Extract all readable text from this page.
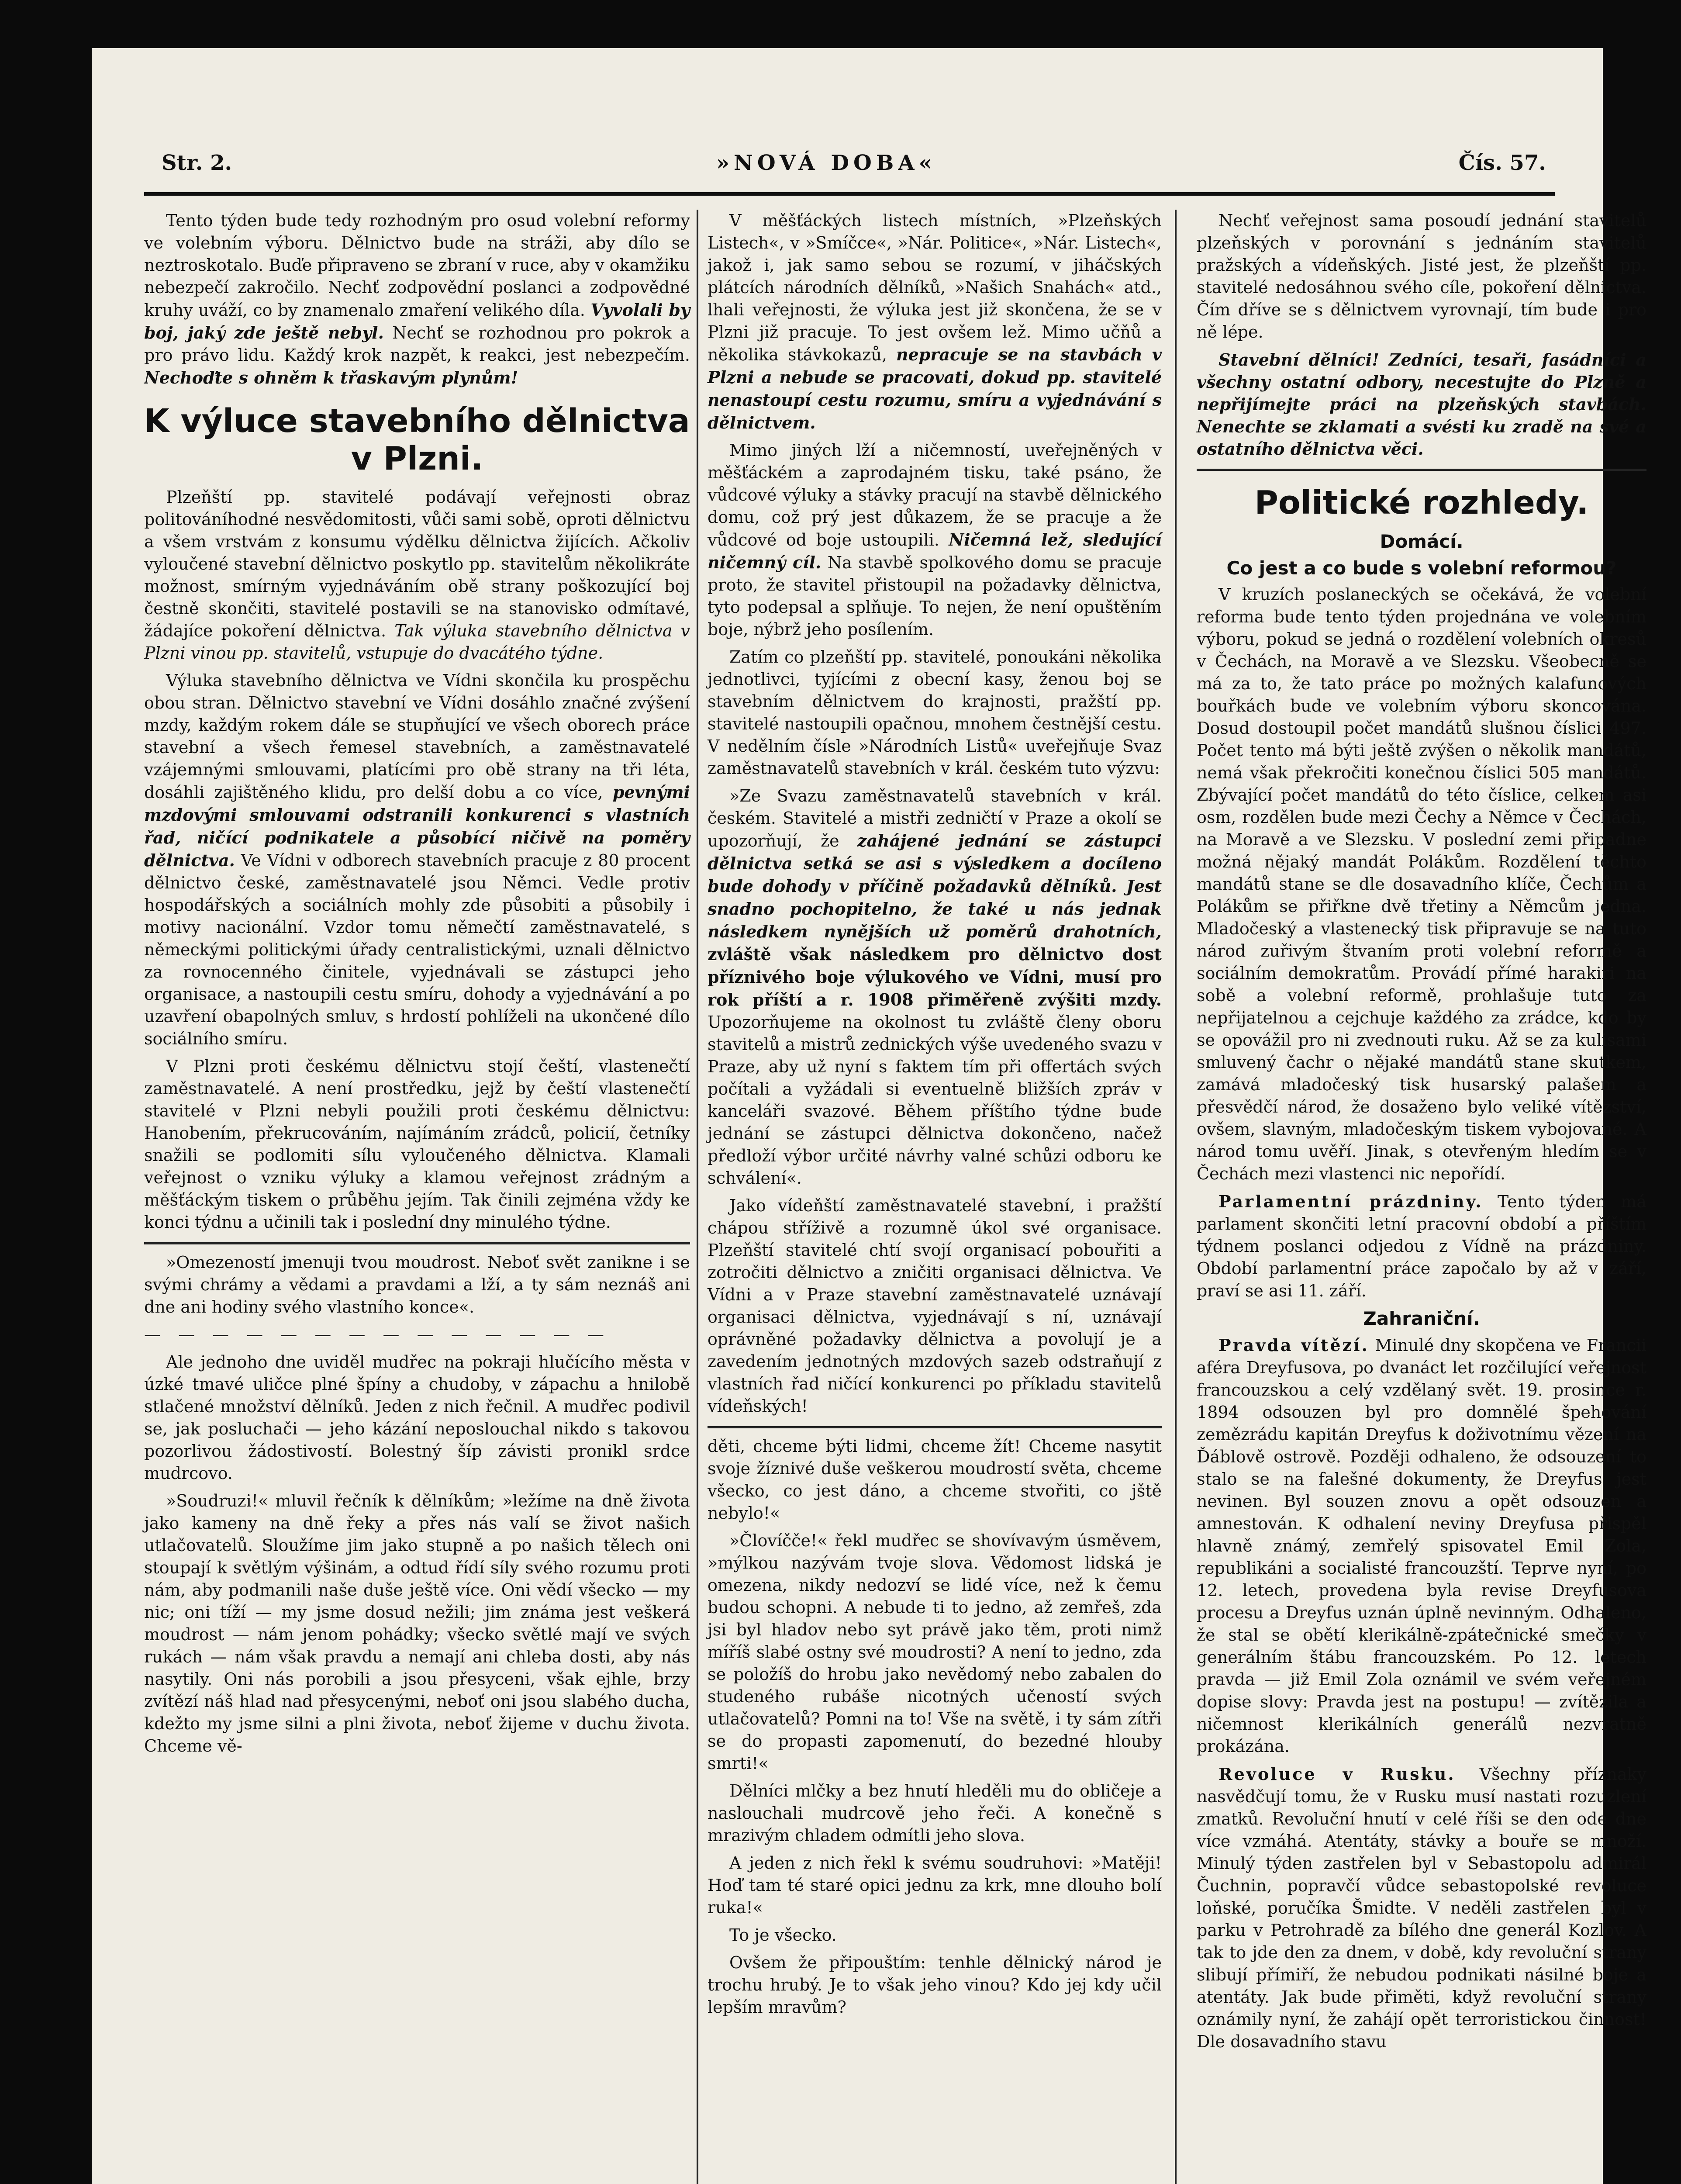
Str. 2.	»NOVÁ DOBA«	Čís. 57.

Tento týden bude tedy rozhodným pro osud volební reformy ve volebním výboru. Dělnictvo bude na stráži, aby dílo se neztroskotalo. Buďe připraveno se zbraní v ruce, aby v okamžiku nebezpečí zakročilo. Nechť zodpovědní poslanci a zodpovědné kruhy uváží, co by znamenalo zmaření velikého díla. Vyvolali by boj, jaký zde ještě nebyl. Nechť se rozhodnou pro pokrok a pro právo lidu. Každý krok nazpět, k reakci, jest nebezpečím. Nechoďte s ohněm k třaskavým plynům!

K výluce stavebního dělnictva v Plzni.

Plzeňští pp. stavitelé podávají veřejnosti obraz politováníhodné nesvědomitosti, vůči sami sobě, oproti dělnictvu a všem vrstvám z konsumu výdělku dělnictva žijících. Ačkoliv vyloučené stavební dělnictvo poskytlo pp. stavitelům několikráte možnost, smírným vyjednáváním obě strany poškozující boj čestně skončiti, stavitelé postavili se na stanovisko odmítavé, žádajíce pokoření dělnictva. Tak výluka stavebního dělnictva v Plzni vinou pp. stavitelů, vstupuje do dvacátého týdne.

Výluka stavebního dělnictva ve Vídni skončila ku prospěchu obou stran. Dělnictvo stavební ve Vídni dosáhlo značné zvýšení mzdy, každým rokem dále se stupňující ve všech oborech práce stavební a všech řemesel stavebních, a zaměstnavatelé vzájemnými smlouvami, platícími pro obě strany na tři léta, dosáhli zajištěného klidu, pro delší dobu a co více, pevnými mzdovými smlouvami odstranili konkurenci s vlastních řad, ničící podnikatele a působící ničivě na poměry dělnictva. Ve Vídni v odborech stavebních pracuje z 80 procent dělnictvo české, zaměstnavatelé jsou Němci. Vedle protiv hospodářských a sociálních mohly zde působiti a působily i motivy nacionální. Vzdor tomu němečtí zaměstnavatelé, s německými politickými úřady centralistickými, uznali dělnictvo za rovnocenného činitele, vyjednávali se zástupci jeho organisace, a nastoupili cestu smíru, dohody a vyjednávání a po uzavření obapolných smluv, s hrdostí pohlíželi na ukončené dílo sociálního smíru.

V Plzni proti českému dělnictvu stojí čeští, vlastenečtí zaměstnavatelé. A není prostředku, jejž by čeští vlastenečtí stavitelé v Plzni nebyli použili proti českému dělnictvu: Hanobením, překrucováním, najímáním zrádců, policií, četníky snažili se podlomiti sílu vyloučeného dělnictva. Klamali veřejnost o vzniku výluky a klamou veřejnost zrádným a měšťáckým tiskem o průběhu jejím. Tak činili zejména vždy ke konci týdnu a učinili tak i poslední dny minulého týdne.

»Omezeností jmenuji tvou moudrost. Neboť svět zanikne i se svými chrámy a vědami a pravdami a lží, a ty sám neznáš ani dne ani hodiny svého vlastního konce«.

— — — — — — — — — — — — — —

Ale jednoho dne uviděl mudřec na pokraji hlučícího města v úzké tmavé uličce plné špíny a chudoby, v zápachu a hnilobě stlačené množství dělníků. Jeden z nich řečnil. A mudřec podivil se, jak posluchači — jeho kázání neposlouchal nikdo s takovou pozorlivou žádostivostí. Bolestný šíp závisti pronikl srdce mudrcovo.

»Soudruzi!« mluvil řečník k dělníkům; »ležíme na dně života jako kameny na dně řeky a přes nás valí se život našich utlačovatelů. Sloužíme jim jako stupně a po našich tělech oni stoupají k světlým výšinám, a odtud řídí síly svého rozumu proti nám, aby podmanili naše duše ještě více. Oni vědí všecko — my nic; oni tíží — my jsme dosud nežili; jim známa jest veškerá moudrost — nám jenom pohádky; všecko světlé mají ve svých rukách — nám však pravdu a nemají ani chleba dosti, aby nás nasytily. Oni nás porobili a jsou přesyceni, však ejhle, brzy zvítězí náš hlad nad přesycenými, neboť oni jsou slabého ducha, kdežto my jsme silni a plni života, neboť žijeme v duchu života. Chceme vě-

V měšťáckých listech místních, »Plzeňských Listech«, v »Smíčce«, »Nár. Politice«, »Nár. Listech«, jakož i, jak samo sebou se rozumí, v jiháčských plátcích národních dělníků, »Našich Snahách« atd., lhali veřejnosti, že výluka jest již skončena, že se v Plzni již pracuje. To jest ovšem lež. Mimo učňů a několika stávkokazů, nepracuje se na stavbách v Plzni a nebude se pracovati, dokud pp. stavitelé nenastoupí cestu rozumu, smíru a vyjednávání s dělnictvem.

Mimo jiných lží a ničemností, uveřejněných v měšťáckém a zaprodajném tisku, také psáno, že vůdcové výluky a stávky pracují na stavbě dělnického domu, což prý jest důkazem, že se pracuje a že vůdcové od boje ustoupili. Ničemná lež, sledující ničemný cíl. Na stavbě spolkového domu se pracuje proto, že stavitel přistoupil na požadavky dělnictva, tyto podepsal a splňuje. To nejen, že není opuštěním boje, nýbrž jeho posílením.

Zatím co plzeňští pp. stavitelé, ponoukáni několika jednotlivci, tyjícími z obecní kasy, ženou boj se stavebním dělnictvem do krajnosti, pražští pp. stavitelé nastoupili opačnou, mnohem čestnější cestu. V nedělním čísle »Národních Listů« uveřejňuje Svaz zaměstnavatelů stavebních v král. českém tuto výzvu:

»Ze Svazu zaměstnavatelů stavebních v král. českém. Stavitelé a mistři zedničtí v Praze a okolí se upozorňují, že zahájené jednání se zástupci dělnictva setká se asi s výsledkem a docíleno bude dohody v příčině požadavků dělníků. Jest snadno pochopitelno, že také u nás jednak následkem nynějších už poměrů drahotních, zvláště však následkem pro dělnictvo dost příznivého boje výlukového ve Vídni, musí pro rok příští a r. 1908 přiměřeně zvýšiti mzdy. Upozorňujeme na okolnost tu zvláště členy oboru stavitelů a mistrů zednických výše uvedeného svazu v Praze, aby už nyní s faktem tím při offertách svých počítali a vyžádali si eventuelně bližších zpráv v kanceláři svazové. Během příštího týdne bude jednání se zástupci dělnictva dokončeno, načež předloží výbor určité návrhy valné schůzi odboru ke schválení«.

Jako vídeňští zaměstnavatelé stavební, i pražští chápou stříživě a rozumně úkol své organisace. Plzeňští stavitelé chtí svojí organisací pobouřiti a zotročiti dělnictvo a zničiti organisaci dělnictva. Ve Vídni a v Praze stavební zaměstnavatelé uznávají organisaci dělnictva, vyjednávají s ní, uznávají oprávněné požadavky dělnictva a povolují je a zavedením jednotných mzdových sazeb odstraňují z vlastních řad ničící konkurenci po příkladu stavitelů vídeňských!

děti, chceme býti lidmi, chceme žít! Chceme nasytit svoje žíznivé duše veškerou moudrostí světa, chceme všecko, co jest dáno, a chceme stvořiti, co jště nebylo!«

»Človíčče!« řekl mudřec se shovívavým úsměvem, »mýlkou nazývám tvoje slova. Vědomost lidská je omezena, nikdy nedozví se lidé více, než k čemu budou schopni. A nebude ti to jedno, až zemřeš, zda jsi byl hladov nebo syt právě jako těm, proti nimž míříš slabé ostny své moudrosti? A není to jedno, zda se položíš do hrobu jako nevědomý nebo zabalen do studeného rubáše nicotných učeností svých utlačovatelů? Pomni na to! Vše na světě, i ty sám zítři se do propasti zapomenutí, do bezedné hlouby smrti!«

Dělníci mlčky a bez hnutí hleděli mu do obličeje a naslouchali mudrcově jeho řeči. A konečně s mrazivým chladem odmítli jeho slova.

A jeden z nich řekl k svému soudruhovi: »Matěji! Hoď tam té staré opici jednu za krk, mne dlouho bolí ruka!«

To je všecko.

Ovšem že připouštím: tenhle dělnický národ je trochu hrubý. Je to však jeho vinou? Kdo jej kdy učil lepším mravům?

Nechť veřejnost sama posoudí jednání stavitelů plzeňských v porovnání s jednáním stavitelů pražských a vídeňských. Jisté jest, že plzeňští pp. stavitelé nedosáhnou svého cíle, pokoření dělnictva. Čím dříve se s dělnictvem vyrovnají, tím bude i pro ně lépe.

Stavební dělníci! Zedníci, tesaři, fasádníci a všechny ostatní odbory, necestujte do Plzně a nepřijímejte práci na plzeňských stavbách. Nenechte se zklamati a svésti ku zradě na své a ostatního dělnictva věci.

Politické rozhledy.
Domácí.
Co jest a co bude s volební reformou?

V kruzích poslaneckých se očekává, že volební reforma bude tento týden projednána ve volebním výboru, pokud se jedná o rozdělení volebních okresů v Čechách, na Moravě a ve Slezsku. Všeobecně se má za to, že tato práce po možných kalafunových bouřkách bude ve volebním výboru skoncována. Dosud dostoupil počet mandátů slušnou číslici 497. Počet tento má býti ještě zvýšen o několik mandátů, nemá však překročiti konečnou číslici 505 mandátů. Zbývající počet mandátů do této číslice, celkem asi osm, rozdělen bude mezi Čechy a Němce v Čechách, na Moravě a ve Slezsku. V poslední zemi připadne možná nějaký mandát Polákům. Rozdělení těchto mandátů stane se dle dosavadního klíče, Čechům a Polákům se přiřkne dvě třetiny a Němcům jedna. Mladočeský a vlastenecký tisk připravuje se na tuto národ zuřivým štvaním proti volební reformě a sociálním demokratům. Provádí přímé harakiri na sobě a volební reformě, prohlašuje tuto za nepřijatelnou a cejchuje každého za zrádce, kdo by se opovážil pro ni zvednouti ruku. Až se za kulisami smluvený čachr o nějaké mandátů stane skutkem, zamává mladočeský tisk husarský palašem a přesvědčí národ, že dosaženo bylo veliké vítězství, ovšem, slavným, mladočeským tiskem vybojované. A národ tomu uvěří. Jinak, s otevřeným hledím se v Čechách mezi vlastenci nic nepořídí.

Parlamentní prázdniny. Tento týden má parlament skončiti letní pracovní období a příštím týdnem poslanci odjedou z Vídně na prázdniny. Období parlamentní práce započalo by až v září, praví se asi 11. září.

Zahraniční.

Pravda vítězí. Minulé dny skopčena ve Francii aféra Dreyfusova, po dvanáct let rozčilující veřejnost francouzskou a celý vzdělaný svět. 19. prosince r. 1894 odsouzen byl pro domnělé špehování zemězrádu kapitán Dreyfus k doživotnímu vězení na Ďáblově ostrově. Později odhaleno, že odsouzení to stalo se na falešné dokumenty, že Dreyfus jest nevinen. Byl souzen znovu a opět odsouzen a amnestován. K odhalení neviny Dreyfusa přispěl hlavně známý, zemřelý spisovatel Emil Zola, republikáni a socialisté francouzští. Teprve nyní, po 12. letech, provedena byla revise Dreyfusova procesu a Dreyfus uznán úplně nevinným. Odhaleno, že stal se obětí klerikálně-zpátečnické smečky v generálním štábu francouzském. Po 12. letech pravda — již Emil Zola oznámil ve svém veřejném dopise slovy: Pravda jest na postupu! — zvítězila a ničemnost klerikálních generálů nezvratně prokázána.

Revoluce v Rusku. Všechny příznaky nasvědčují tomu, že v Rusku musí nastati rozuzlení zmatků. Revoluční hnutí v celé říši se den ode dne více vzmáhá. Atentáty, stávky a bouře se množí. Minulý týden zastřelen byl v Sebastopolu admirál Čuchnin, popravčí vůdce sebastopolské revoluce loňské, poručíka Šmidte. V neděli zastřelen byl v parku v Petrohradě za bílého dne generál Kozlov. A tak to jde den za dnem, v době, kdy revoluční strany slibují přímiří, že nebudou podnikati násilné boje a atentáty. Jak bude přiměti, když revoluční strany oznámily nyní, že zahájí opět terroristickou činnost! Dle dosavadního stavu
